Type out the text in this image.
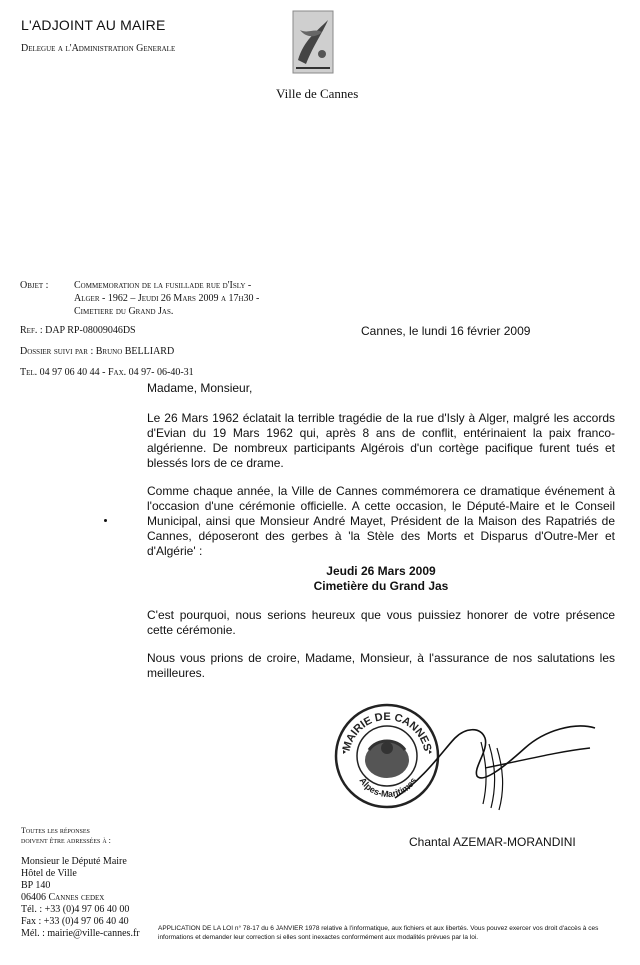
L'ADJOINT AU MAIRE
Delegue a l'Administration Generale
Ville de Cannes
Objet :	Commemoration de la fusillade rue d'Isly -
Alger - 1962 – Jeudi 26 Mars 2009 a 17h30 -
Cimetiere du Grand Jas.
Ref. : DAP RP-08009046DS
Dossier suivi par : Bruno BELLIARD
Tel. 04 97 06 40 44 - Fax. 04 97- 06-40-31
Cannes, le lundi 16 février 2009

Madame, Monsieur,

Le 26 Mars 1962 éclatait la terrible tragédie de la rue d'Isly à Alger, malgré les accords d'Evian du 19 Mars 1962 qui, après 8 ans de conflit, entérinaient la paix franco-algérienne. De nombreux participants Algérois d'un cortège pacifique furent tués et blessés lors de ce drame.

Comme chaque année, la Ville de Cannes commémorera ce dramatique événement à l'occasion d'une cérémonie officielle. A cette occasion, le Député-Maire et le Conseil Municipal, ainsi que Monsieur André Mayet, Président de la Maison des Rapatriés de Cannes, déposeront des gerbes à 'la Stèle des Morts et Disparus d'Outre-Mer et d'Algérie' :

Jeudi 26 Mars 2009
Cimetière du Grand Jas

C'est pourquoi, nous serions heureux que vous puissiez honorer de votre présence cette cérémonie.

Nous vous prions de croire, Madame, Monsieur, à l'assurance de nos salutations les meilleures.

MAIRIE DE CANNES
Alpes-Maritimes
Chantal AZEMAR-MORANDINI
Toutes les réponses
doivent être adressées à :
Monsieur le Député Maire
Hôtel de Ville
BP 140
06406 Cannes cedex
Tél. : +33 (0)4 97 06 40 00
Fax : +33 (0)4 97 06 40 40
Mél. : mairie@ville-cannes.fr	APPLICATION DE LA LOI n° 78-17 du 6 JANVIER 1978 relative à l'informatique, aux fichiers et aux libertés. Vous pouvez exercer vos droit d'accès à ces informations et demander leur correction si elles sont inexactes conformément aux modalités prévues par la loi.
